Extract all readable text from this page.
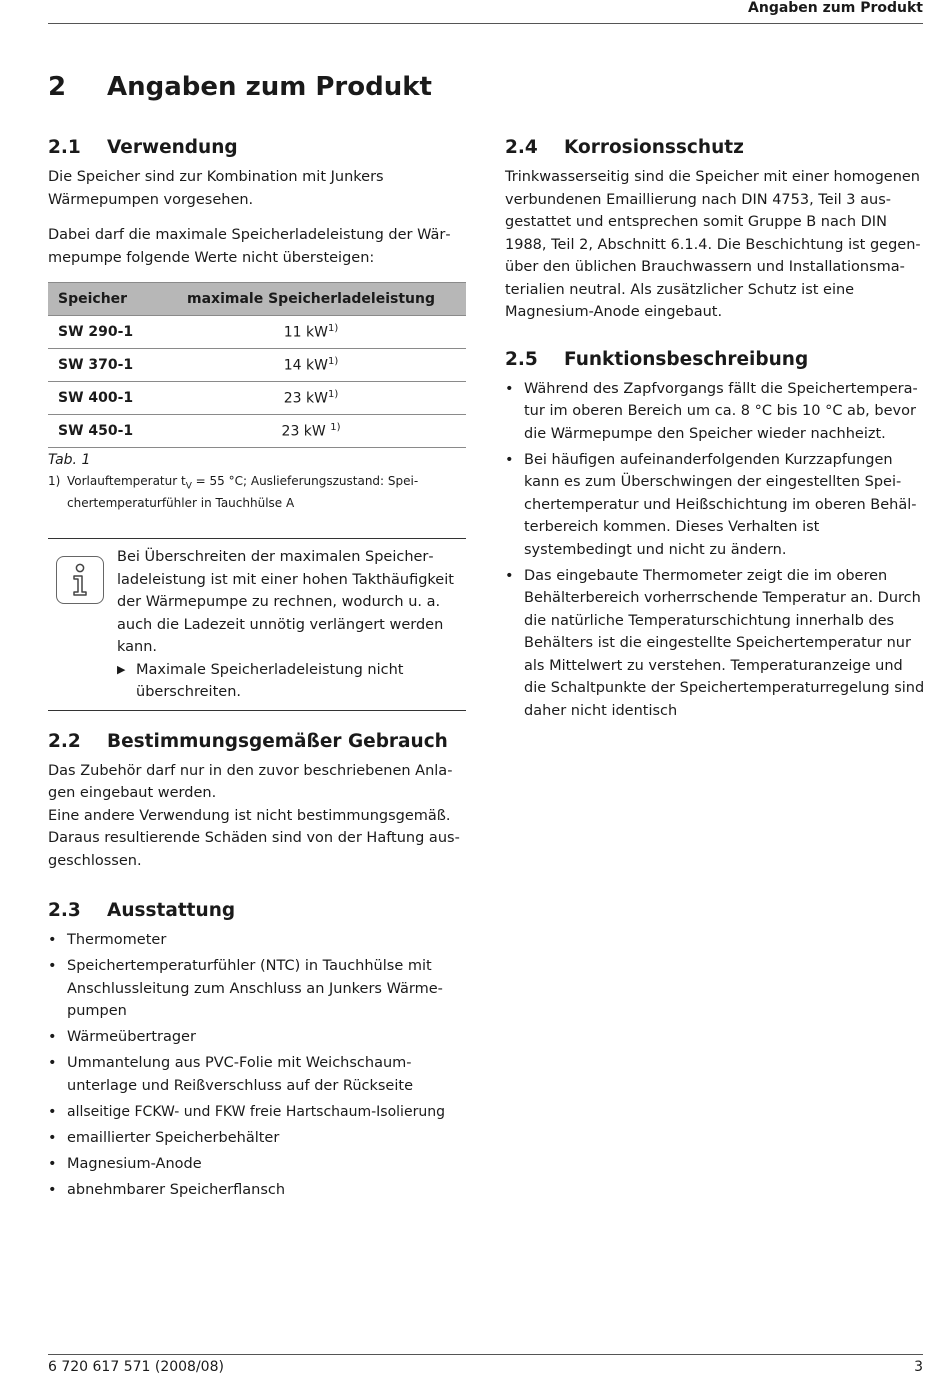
Angaben zum Produkt
2 Angaben zum Produkt
2.1 Verwendung

Die Speicher sind zur Kombination mit Junkers Wärmepumpen vorgesehen.

Dabei darf die maximale Speicherladeleistung der Wärmepumpe folgende Werte nicht übersteigen:

Speicher	maximale Speicherladeleistung
SW 290-1	11 $kW^{1)}$
SW 370-1	14 $kW^{1)}$
SW 400-1	23 $kW^{1)}$
SW 450-1	23 kW $^{1)}$
Tab. 1
1) Vorlauftemperatur $t_V = 55$ °C; Auslieferungszustand: Speichertemperaturfühler in Tauchhülse A
Bei Überschreiten der maximalen Speicherladeleistung ist mit einer hohen Takthäufigkeit der Wärmepumpe zu rechnen, wodurch u. a. auch die Ladezeit unnötig verlängert werden kann.
▶ Maximale Speicherladeleistung nicht überschreiten.
2.2 Bestimmungsgemäßer Gebrauch

Das Zubehör darf nur in den zuvor beschriebenen Anlagen eingebaut werden.

Eine andere Verwendung ist nicht bestimmungsgemäß.

Daraus resultierende Schäden sind von der Haftung ausgeschlossen.

2.3 Ausstattung
• Thermometer
• Speichertemperaturfühler (NTC) in Tauchhülse mit Anschlussleitung zum Anschluss an Junkers Wärmepumpen
• Wärmeübertrager
• Ummantelung aus PVC-Folie mit Weichschaumunterlage und Reißverschluss auf der Rückseite
• allseitige FCKW- und FKW freie Hartschaum-Isolierung
• emaillierter Speicherbehälter
• Magnesium-Anode
• abnehmbarer Speicherflansch
2.4 Korrosionsschutz

Trinkwasserseitig sind die Speicher mit einer homogenen verbundenen Emaillierung nach DIN 4753, Teil 3 ausgestattet und entsprechen somit Gruppe B nach DIN 1988, Teil 2, Abschnitt 6.1.4. Die Beschichtung ist gegenüber den üblichen Brauchwassern und Installationsmaterialien neutral. Als zusätzlicher Schutz ist eine Magnesium-Anode eingebaut.

2.5 Funktionsbeschreibung
• Während des Zapfvorgangs fällt die Speichertemperatur im oberen Bereich um ca. 8 °C bis 10 °C ab, bevor die Wärmepumpe den Speicher wieder nachheizt.
• Bei häufigen aufeinanderfolgenden Kurzzapfungen kann es zum Überschwingen der eingestellten Speichertemperatur und Heißschichtung im oberen Behälterbereich kommen. Dieses Verhalten ist systembedingt und nicht zu ändern.
• Das eingebaute Thermometer zeigt die im oberen Behälterbereich vorherrschende Temperatur an. Durch die natürliche Temperaturschichtung innerhalb des Behälters ist die eingestellte Speichertemperatur nur als Mittelwert zu verstehen. Temperaturanzeige und die Schaltpunkte der Speichertemperaturregelung sind daher nicht identisch
6 720 617 571 (2008/08)	3
